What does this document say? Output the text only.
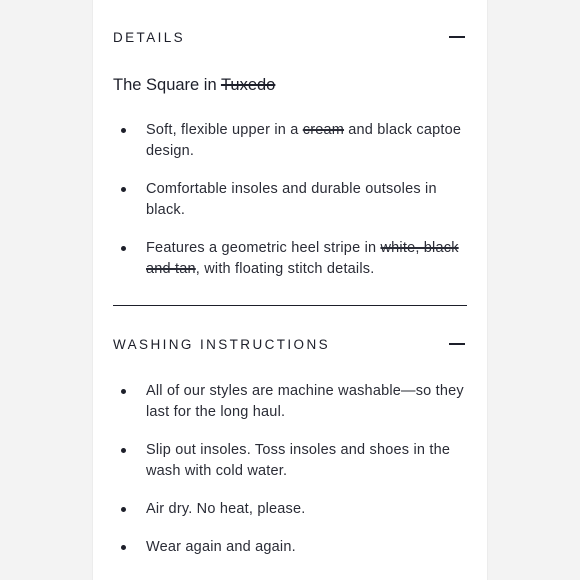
DETAILS
The Square in Tuxedo
Soft, flexible upper in a cream and black captoe design.
Comfortable insoles and durable outsoles in black.
Features a geometric heel stripe in white, black and tan, with floating stitch details.
WASHING INSTRUCTIONS
All of our styles are machine washable—so they last for the long haul.
Slip out insoles. Toss insoles and shoes in the wash with cold water.
Air dry. No heat, please.
Wear again and again.
